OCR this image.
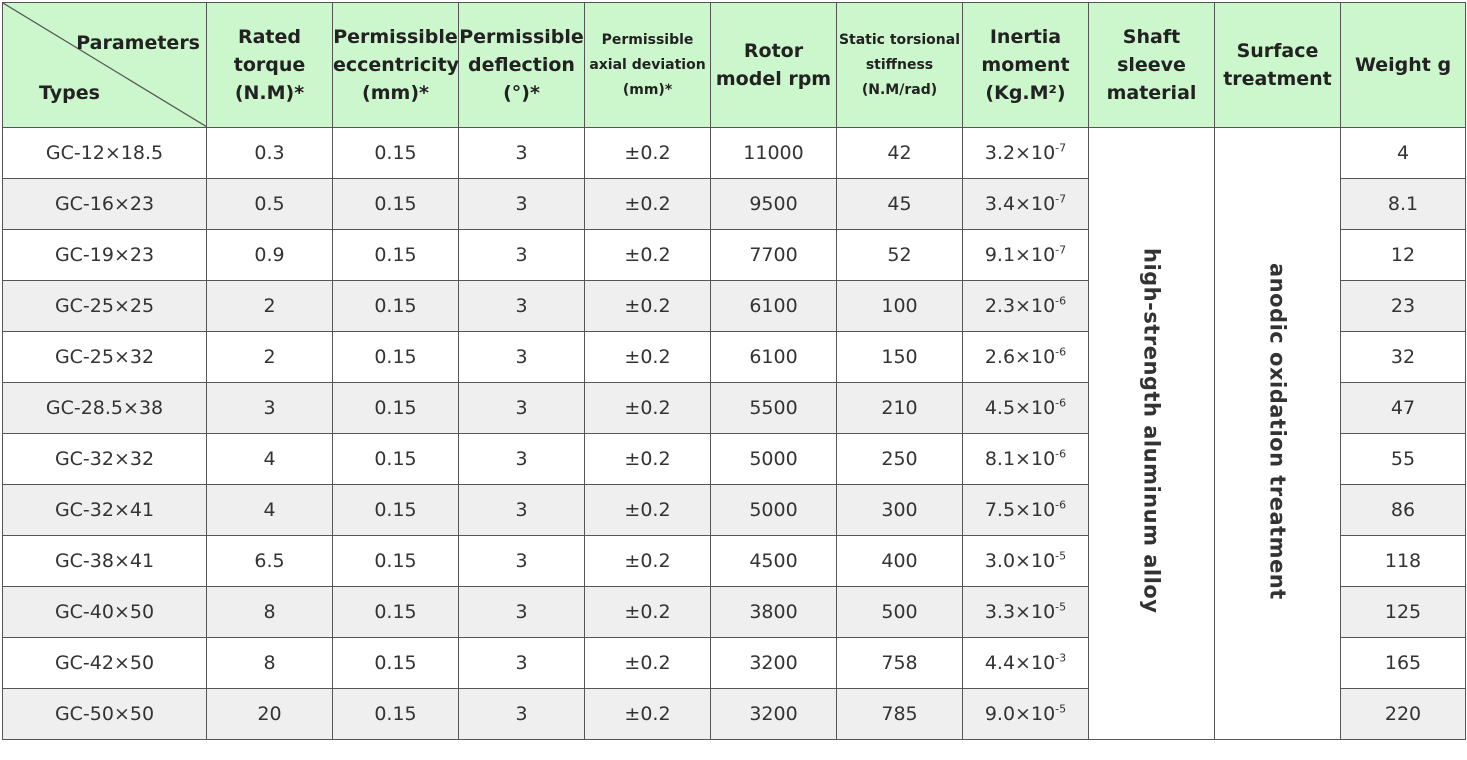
Parameters
Types	Rated torque (N.M)*	Permissible eccentricity (mm)*	Permissible deflection (°)*	Permissible axial deviation (mm)*	Rotor model rpm	Static torsional stiffness (N.M/rad)	Inertia moment (Kg.M²)	Shaft sleeve material	Surface treatment	Weight g
GC-12×18.5	0.3	0.15	3	±0.2	11000	42	$3.2\times 10^{-7}$	high-strength aluminum alloy	anodic oxidation treatment	4
GC-16×23	0.5	0.15	3	±0.2	9500	45	$3.4\times 10^{-7}$			8.1
GC-19×23	0.9	0.15	3	±0.2	7700	52	$9.1\times 10^{-7}$			12
GC-25×25	2	0.15	3	±0.2	6100	100	$2.3\times 10^{-6}$			23
GC-25×32	2	0.15	3	±0.2	6100	150	$2.6\times 10^{-6}$			32
GC-28.5×38	3	0.15	3	±0.2	5500	210	$4.5\times 10^{-6}$			47
GC-32×32	4	0.15	3	±0.2	5000	250	$8.1\times 10^{-6}$			55
GC-32×41	4	0.15	3	±0.2	5000	300	$7.5\times 10^{-6}$			86
GC-38×41	6.5	0.15	3	±0.2	4500	400	$3.0\times 10^{-5}$			118
GC-40×50	8	0.15	3	±0.2	3800	500	$3.3\times 10^{-5}$			125
GC-42×50	8	0.15	3	±0.2	3200	758	$4.4\times 10^{-3}$			165
GC-50×50	20	0.15	3	±0.2	3200	785	$9.0\times 10^{-5}$			220
